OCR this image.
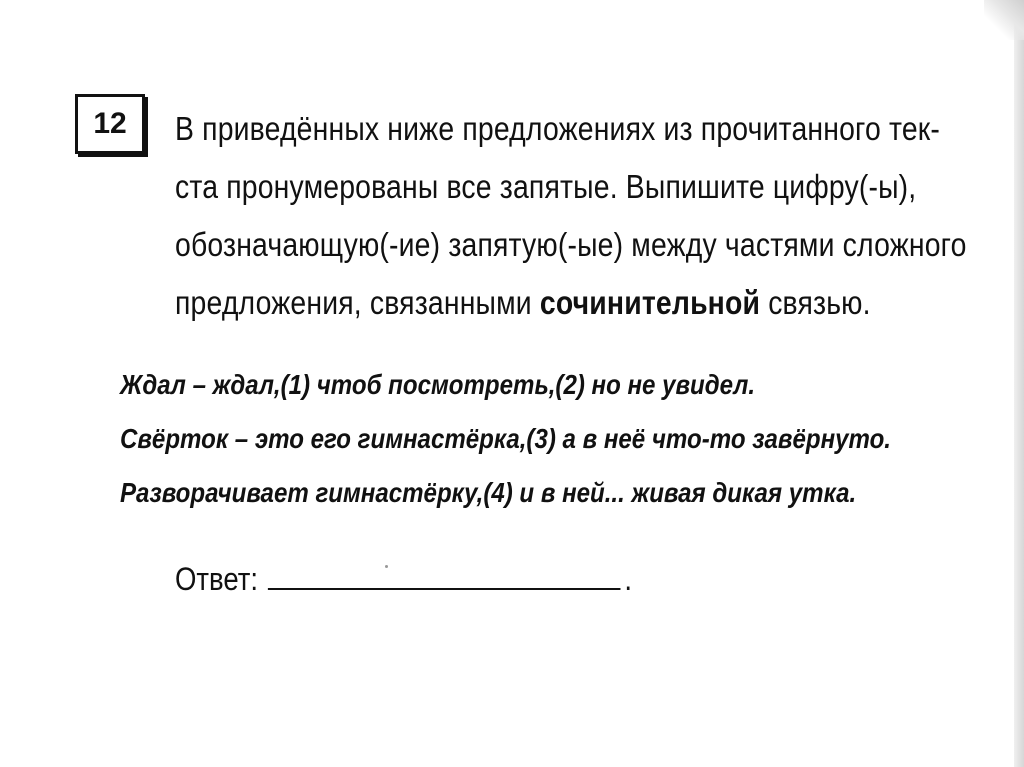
12 В приведённых ниже предложениях из прочитанного тек-
ста пронумерованы все запятые. Выпишите цифру(-ы),
обозначающую(-ие) запятую(-ые) между частями сложного
предложения, связанными сочинительной связью.
Ждал – ждал,(1) чтоб посмотреть,(2) но не увидел.
Свёрток – это его гимнастёрка,(3) а в неё что-то завёрнуто.
Разворачивает гимнастёрку,(4) и в ней... живая дикая утка.
Ответ:	.
